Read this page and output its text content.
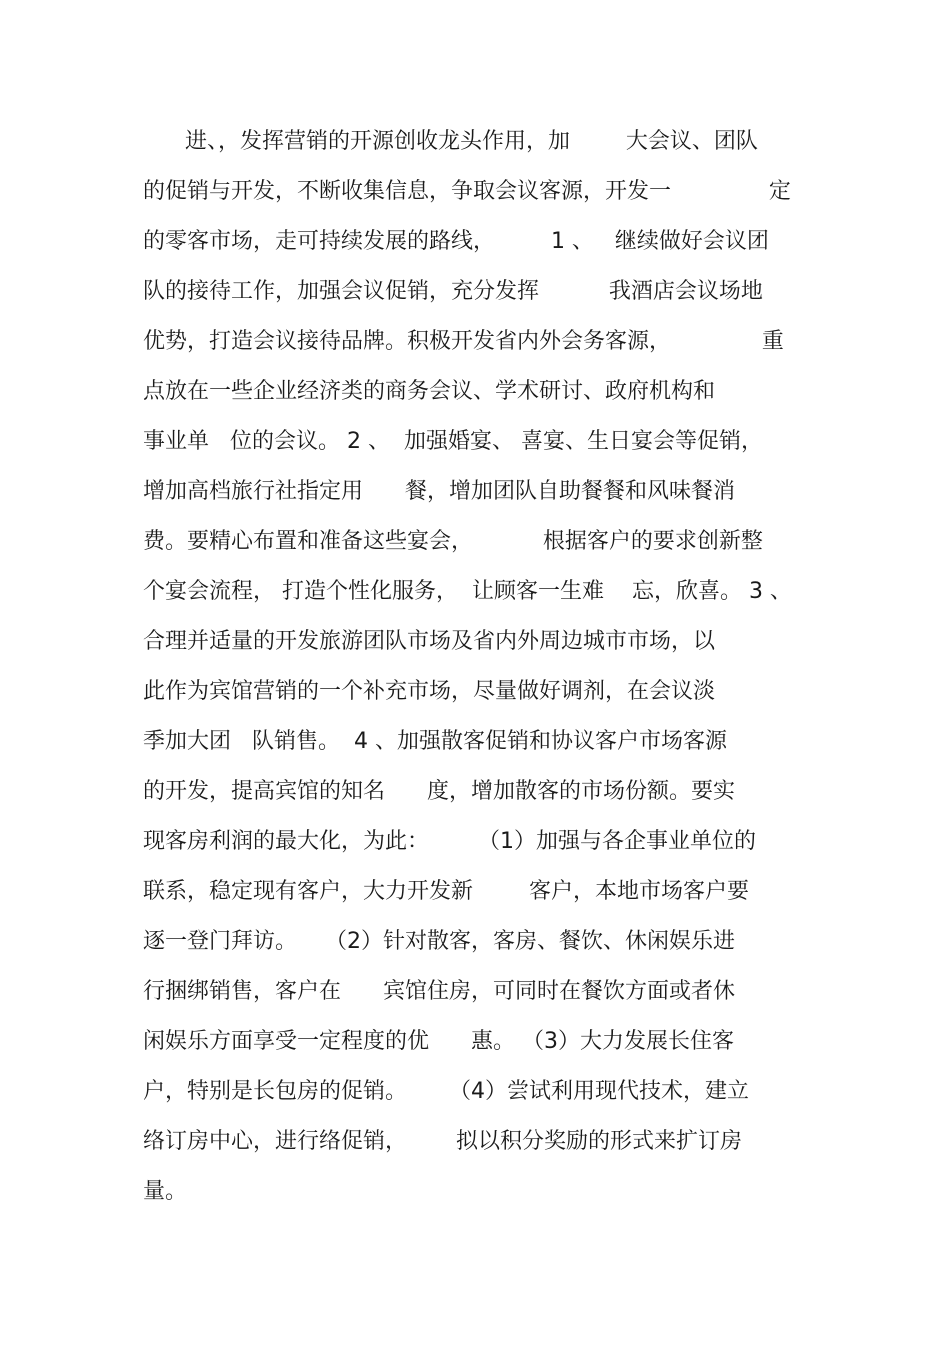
进、，发挥营销的开源创收龙头作用，加        大会议、团队
的促销与开发，不断收集信息，争取会议客源，开发一              定
的零客市场，走可持续发展的路线，        1 、   继续做好会议团
队的接待工作，加强会议促销，充分发挥          我酒店会议场地
优势，打造会议接待品牌。积极开发省内外会务客源，             重
点放在一些企业经济类的商务会议、学术研讨、政府机构和
事业单   位的会议。 2 、  加强婚宴、 喜宴、生日宴会等促销，
增加高档旅行社指定用      餐，增加团队自助餐餐和风味餐消
费。要精心布置和准备这些宴会，          根据客户的要求创新整
个宴会流程， 打造个性化服务，  让顾客一生难    忘，欣喜。 3 、
合理并适量的开发旅游团队市场及省内外周边城市市场，以
此作为宾馆营销的一个补充市场，尽量做好调剂，在会议淡
季加大团   队销售。  4 、加强散客促销和协议客户市场客源
的开发，提高宾馆的知名      度，增加散客的市场份额。要实
现客房利润的最大化，为此：       （1）加强与各企事业单位的
联系，稳定现有客户，大力开发新        客户，本地市场客户要
逐一登门拜访。    （2）针对散客，客房、餐饮、休闲娱乐进
行捆绑销售，客户在      宾馆住房，可同时在餐饮方面或者休
闲娱乐方面享受一定程度的优      惠。 （3）大力发展长住客
户，特别是长包房的促销。      （4）尝试利用现代技术，建立
络订房中心，进行络促销，       拟以积分奖励的形式来扩订房
量。
